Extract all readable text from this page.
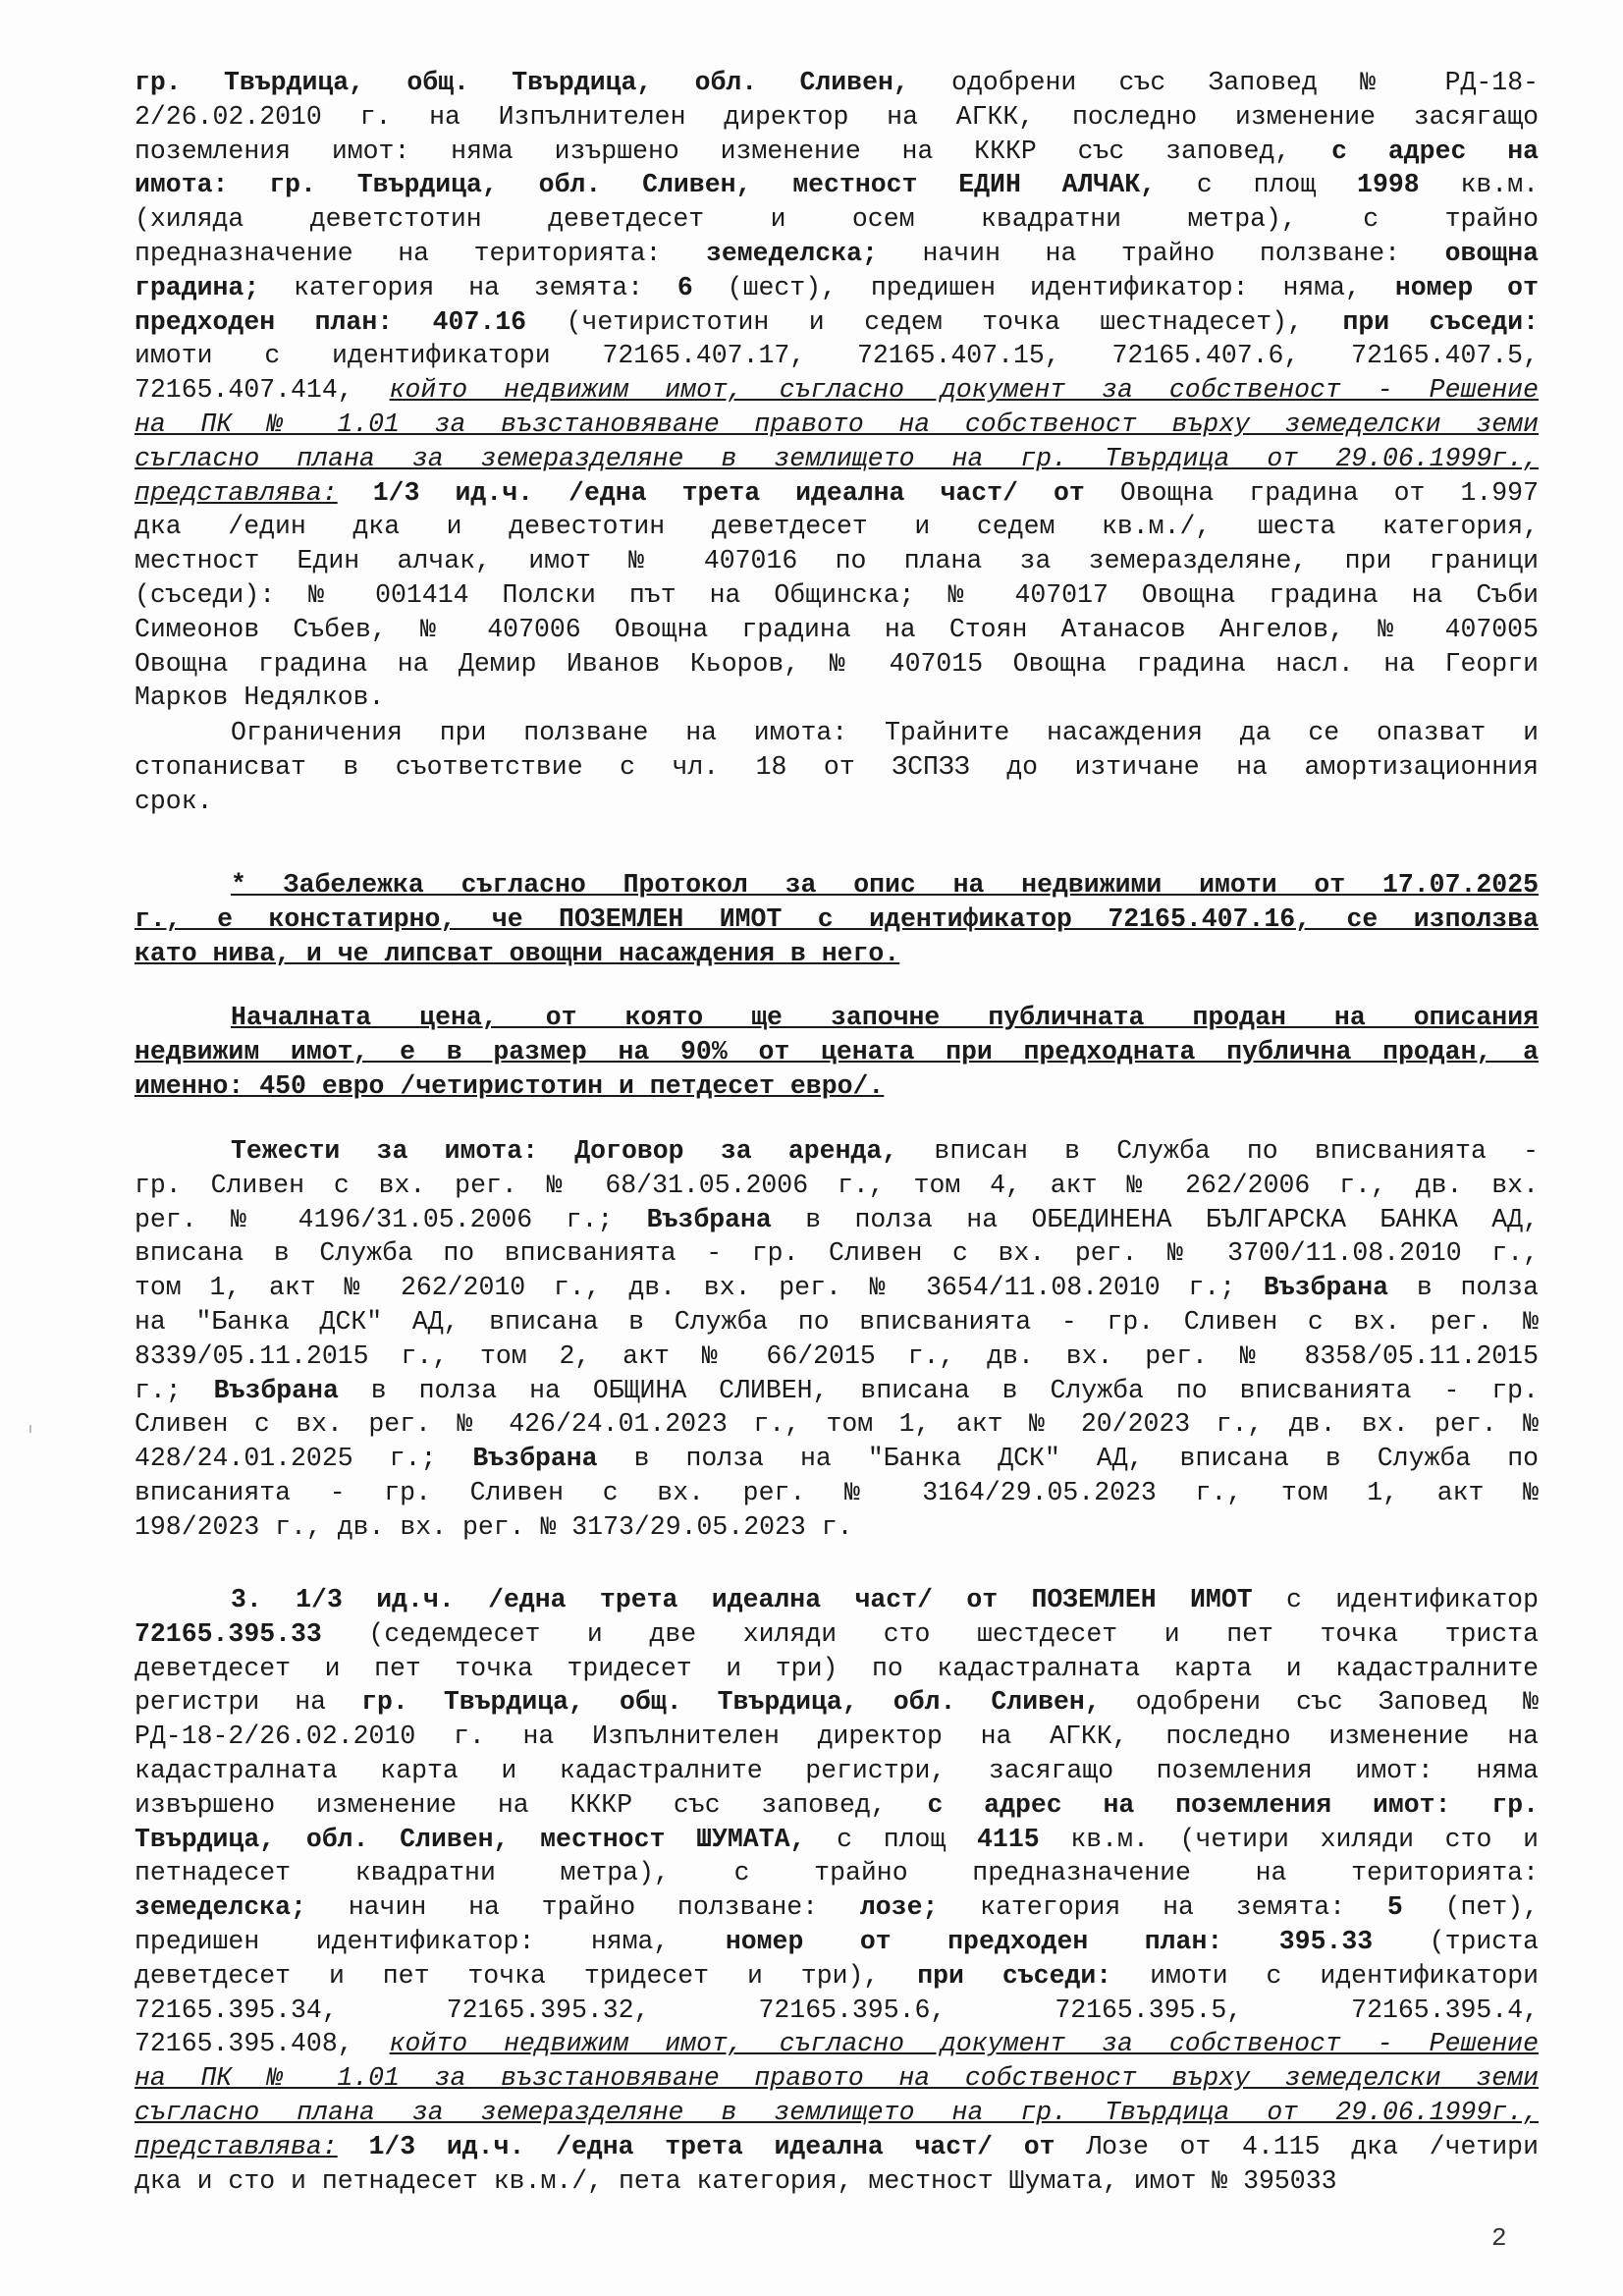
гр. Твърдица, общ. Твърдица, обл. Сливен, одобрени със Заповед № РД-18-
2/26.02.2010 г. на Изпълнителен директор на АГКК, последно изменение засягащо
поземления имот: няма изършено изменение на КККР със заповед, с адрес на
имота: гр. Твърдица, обл. Сливен, местност ЕДИН АЛЧАК, с площ 1998 кв.м.
(хиляда деветстотин деветдесет и осем квадратни метра), с трайно
предназначение на територията: земеделска; начин на трайно ползване: овощна
градина; категория на земята: 6 (шест), предишен идентификатор: няма, номер от
предходен план: 407.16 (четиристотин и седем точка шестнадесет), при съседи:
имоти с идентификатори 72165.407.17, 72165.407.15, 72165.407.6, 72165.407.5,
72165.407.414, който недвижим имот, съгласно документ за собственост - Решение
на ПК № 1.01 за възстановяване правото на собственост върху земеделски земи
съгласно плана за земеразделяне в землището на гр. Твърдица от 29.06.1999г.,
представлява: 1/3 ид.ч. /една трета идеална част/ от Овощна градина от 1.997
дка /един дка и девестотин деветдесет и седем кв.м./, шеста категория,
местност Един алчак, имот № 407016 по плана за земеразделяне, при граници
(съседи): № 001414 Полски път на Общинска; № 407017 Овощна градина на Съби
Симеонов Събев, № 407006 Овощна градина на Стоян Атанасов Ангелов, № 407005
Овощна градина на Демир Иванов Кьоров, № 407015 Овощна градина насл. на Георги
Марков Недялков.
Ограничения при ползване на имота: Трайните насаждения да се опазват и
стопанисват в съответствие с чл. 18 от ЗСПЗЗ до изтичане на амортизационния
срок.
* Забележка съгласно Протокол за опис на недвижими имоти от 17.07.2025
г., е констатирно, че ПОЗЕМЛЕН ИМОТ с идентификатор 72165.407.16, се използва
като нива, и че липсват овощни насаждения в него.
Началната цена, от която ще започне публичната продан на описания
недвижим имот, е в размер на 90% от цената при предходната публична продан, а
именно: 450 евро /четиристотин и петдесет евро/.
Тежести за имота: Договор за аренда, вписан в Служба по вписванията -
гр. Сливен с вх. рег. № 68/31.05.2006 г., том 4, акт № 262/2006 г., дв. вх.
рег. № 4196/31.05.2006 г.; Възбрана в полза на ОБЕДИНЕНА БЪЛГАРСКА БАНКА АД,
вписана в Служба по вписванията - гр. Сливен с вх. рег. № 3700/11.08.2010 г.,
том 1, акт № 262/2010 г., дв. вх. рег. № 3654/11.08.2010 г.; Възбрана в полза
на "Банка ДСК" АД, вписана в Служба по вписванията - гр. Сливен с вх. рег. №
8339/05.11.2015 г., том 2, акт № 66/2015 г., дв. вх. рег. № 8358/05.11.2015
г.; Възбрана в полза на ОБЩИНА СЛИВЕН, вписана в Служба по вписванията - гр.
Сливен с вх. рег. № 426/24.01.2023 г., том 1, акт № 20/2023 г., дв. вх. рег. №
428/24.01.2025 г.; Възбрана в полза на "Банка ДСК" АД, вписана в Служба по
вписанията - гр. Сливен с вх. рег. № 3164/29.05.2023 г., том 1, акт №
198/2023 г., дв. вх. рег. № 3173/29.05.2023 г.
3. 1/3 ид.ч. /една трета идеална част/ от ПОЗЕМЛЕН ИМОТ с идентификатор
72165.395.33 (седемдесет и две хиляди сто шестдесет и пет точка триста
деветдесет и пет точка тридесет и три) по кадастралната карта и кадастралните
регистри на гр. Твърдица, общ. Твърдица, обл. Сливен, одобрени със Заповед №
РД-18-2/26.02.2010 г. на Изпълнителен директор на АГКК, последно изменение на
кадастралната карта и кадастралните регистри, засягащо поземления имот: няма
извършено изменение на КККР със заповед, с адрес на поземления имот: гр.
Твърдица, обл. Сливен, местност ШУМАТА, с площ 4115 кв.м. (четири хиляди сто и
петнадесет квадратни метра), с трайно предназначение на територията:
земеделска; начин на трайно ползване: лозе; категория на земята: 5 (пет),
предишен идентификатор: няма, номер от предходен план: 395.33 (триста
деветдесет и пет точка тридесет и три), при съседи: имоти с идентификатори
72165.395.34, 72165.395.32, 72165.395.6, 72165.395.5, 72165.395.4,
72165.395.408, който недвижим имот, съгласно документ за собственост - Решение
на ПК № 1.01 за възстановяване правото на собственост върху земеделски земи
съгласно плана за земеразделяне в землището на гр. Твърдица от 29.06.1999г.,
представлява: 1/3 ид.ч. /една трета идеална част/ от Лозе от 4.115 дка /четири
дка и сто и петнадесет кв.м./, пета категория, местност Шумата, имот № 395033
2
